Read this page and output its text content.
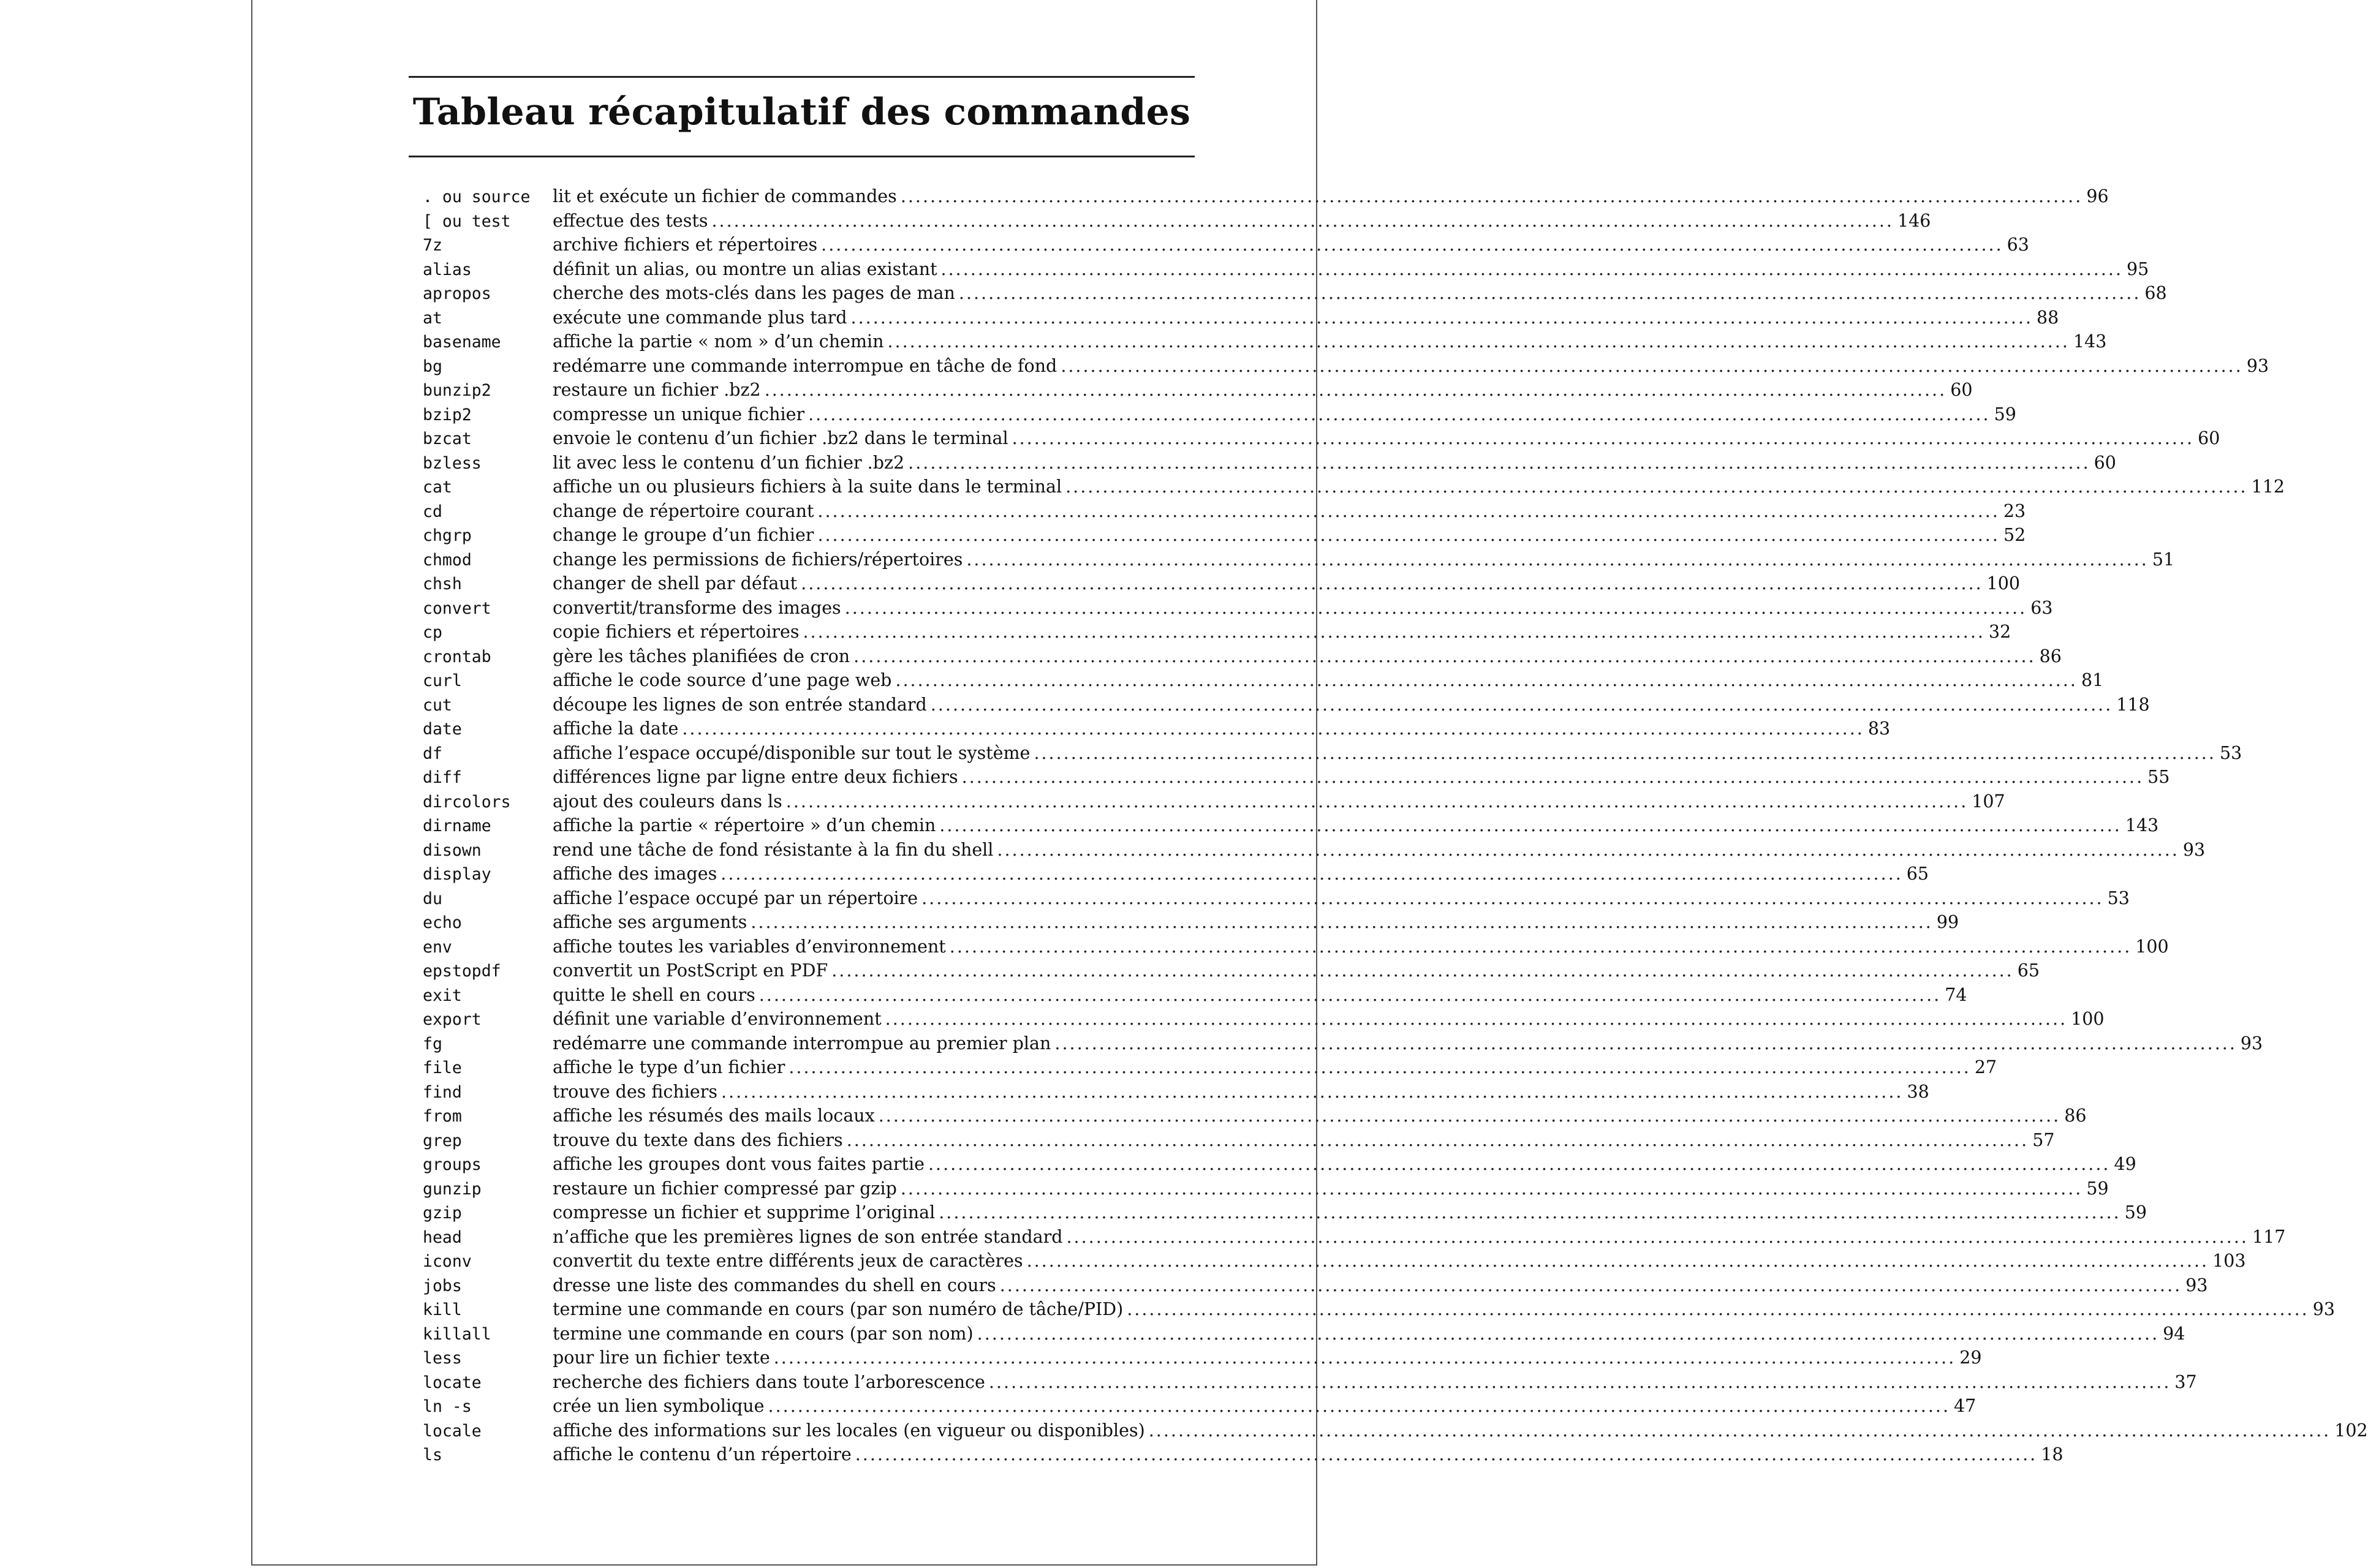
Tableau récapitulatif des commandes
. ou source	lit et exécute un fichier de commandes .....	96
[ ou test	effectue des tests .....	146
7z	archive fichiers et répertoires .....	63
alias	définit un alias, ou montre un alias existant .....	95
apropos	cherche des mots-clés dans les pages de man .....	68
at	exécute une commande plus tard .....	88
basename	affiche la partie « nom » d’un chemin .....	143
bg	redémarre une commande interrompue en tâche de fond .....	93
bunzip2	restaure un fichier .bz2 .....	60
bzip2	compresse un unique fichier .....	59
bzcat	envoie le contenu d’un fichier .bz2 dans le terminal .....	60
bzless	lit avec less le contenu d’un fichier .bz2 .....	60
cat	affiche un ou plusieurs fichiers à la suite dans le terminal .....	112
cd	change de répertoire courant .....	23
chgrp	change le groupe d’un fichier .....	52
chmod	change les permissions de fichiers/répertoires .....	51
chsh	changer de shell par défaut .....	100
convert	convertit/transforme des images .....	63
cp	copie fichiers et répertoires .....	32
crontab	gère les tâches planifiées de cron .....	86
curl	affiche le code source d’une page web .....	81
cut	découpe les lignes de son entrée standard .....	118
date	affiche la date .....	83
df	affiche l’espace occupé/disponible sur tout le système .....	53
diff	différences ligne par ligne entre deux fichiers .....	55
dircolors	ajout des couleurs dans ls .....	107
dirname	affiche la partie « répertoire » d’un chemin .....	143
disown	rend une tâche de fond résistante à la fin du shell .....	93
display	affiche des images .....	65
du	affiche l’espace occupé par un répertoire .....	53
echo	affiche ses arguments .....	99
env	affiche toutes les variables d’environnement .....	100
epstopdf	convertit un PostScript en PDF .....	65
exit	quitte le shell en cours .....	74
export	définit une variable d’environnement .....	100
fg	redémarre une commande interrompue au premier plan .....	93
file	affiche le type d’un fichier .....	27
find	trouve des fichiers .....	38
from	affiche les résumés des mails locaux .....	86
grep	trouve du texte dans des fichiers .....	57
groups	affiche les groupes dont vous faites partie .....	49
gunzip	restaure un fichier compressé par gzip .....	59
gzip	compresse un fichier et supprime l’original .....	59
head	n’affiche que les premières lignes de son entrée standard .....	117
iconv	convertit du texte entre différents jeux de caractères .....	103
jobs	dresse une liste des commandes du shell en cours .....	93
kill	termine une commande en cours (par son numéro de tâche/PID) .....	93
killall	termine une commande en cours (par son nom) .....	94
less	pour lire un fichier texte .....	29
locate	recherche des fichiers dans toute l’arborescence .....	37
ln -s	crée un lien symbolique .....	47
locale	affiche des informations sur les locales (en vigueur ou disponibles) .....	102
ls	affiche le contenu d’un répertoire .....	18
